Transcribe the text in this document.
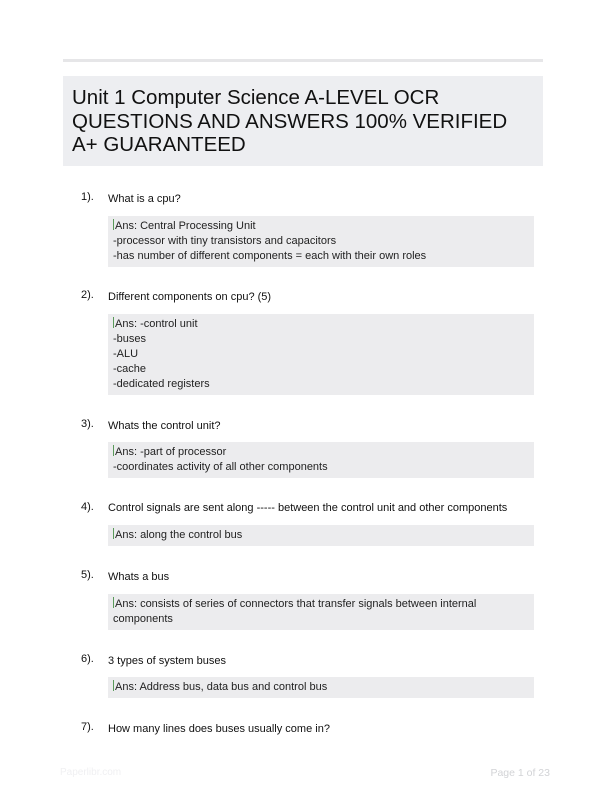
Unit 1 Computer Science A-LEVEL OCR QUESTIONS AND ANSWERS 100% VERIFIED A+ GUARANTEED
1). What is a cpu?
Ans: Central Processing Unit
-processor with tiny transistors and capacitors
-has number of different components = each with their own roles
2). Different components on cpu? (5)
Ans: -control unit
-buses
-ALU
-cache
-dedicated registers
3). Whats the control unit?
Ans: -part of processor
-coordinates activity of all other components
4). Control signals are sent along ----- between the control unit and other components
Ans: along the control bus
5). Whats a bus
Ans: consists of series of connectors that transfer signals between internal components
6). 3 types of system buses
Ans: Address bus, data bus and control bus
7). How many lines does buses usually come in?
Paperlibr.com	Page 1 of 23
